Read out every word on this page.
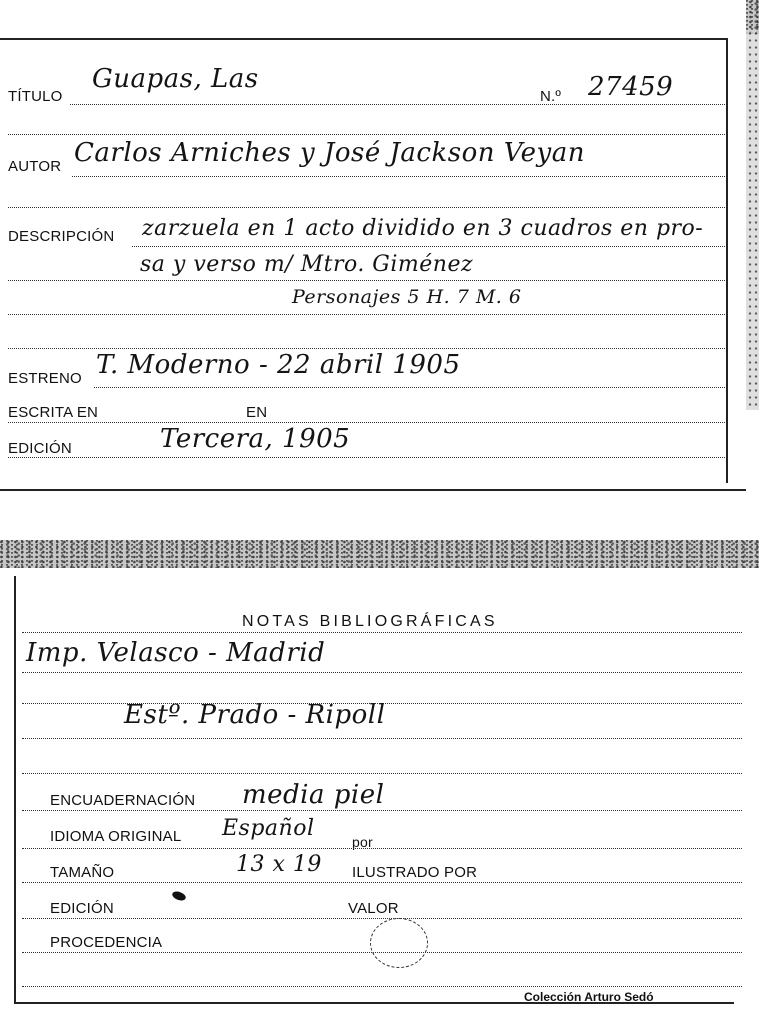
TÍTULO
Guapas, Las
N.º 27459
AUTOR Carlos Arniches y José Jackson Veyan
DESCRIPCIÓN zarzuela en 1 acto dividido en 3 cuadros en pro-
sa y verso m/ Mtro. Giménez
Personajes 5 H. 7 M. 6
ESTRENO T. Moderno - 22 abril 1905
ESCRITA EN	EN
EDICIÓN	Tercera, 1905
NOTAS BIBLIOGRÁFICAS
Imp. Velasco - Madrid
Estº. Prado - Ripoll
ENCUADERNACIÓN media piel
IDIOMA ORIGINAL Español
por
TAMAÑO	13 x 19 ILUSTRADO POR
EDICIÓN	VALOR
PROCEDENCIA
Colección Arturo Sedó
